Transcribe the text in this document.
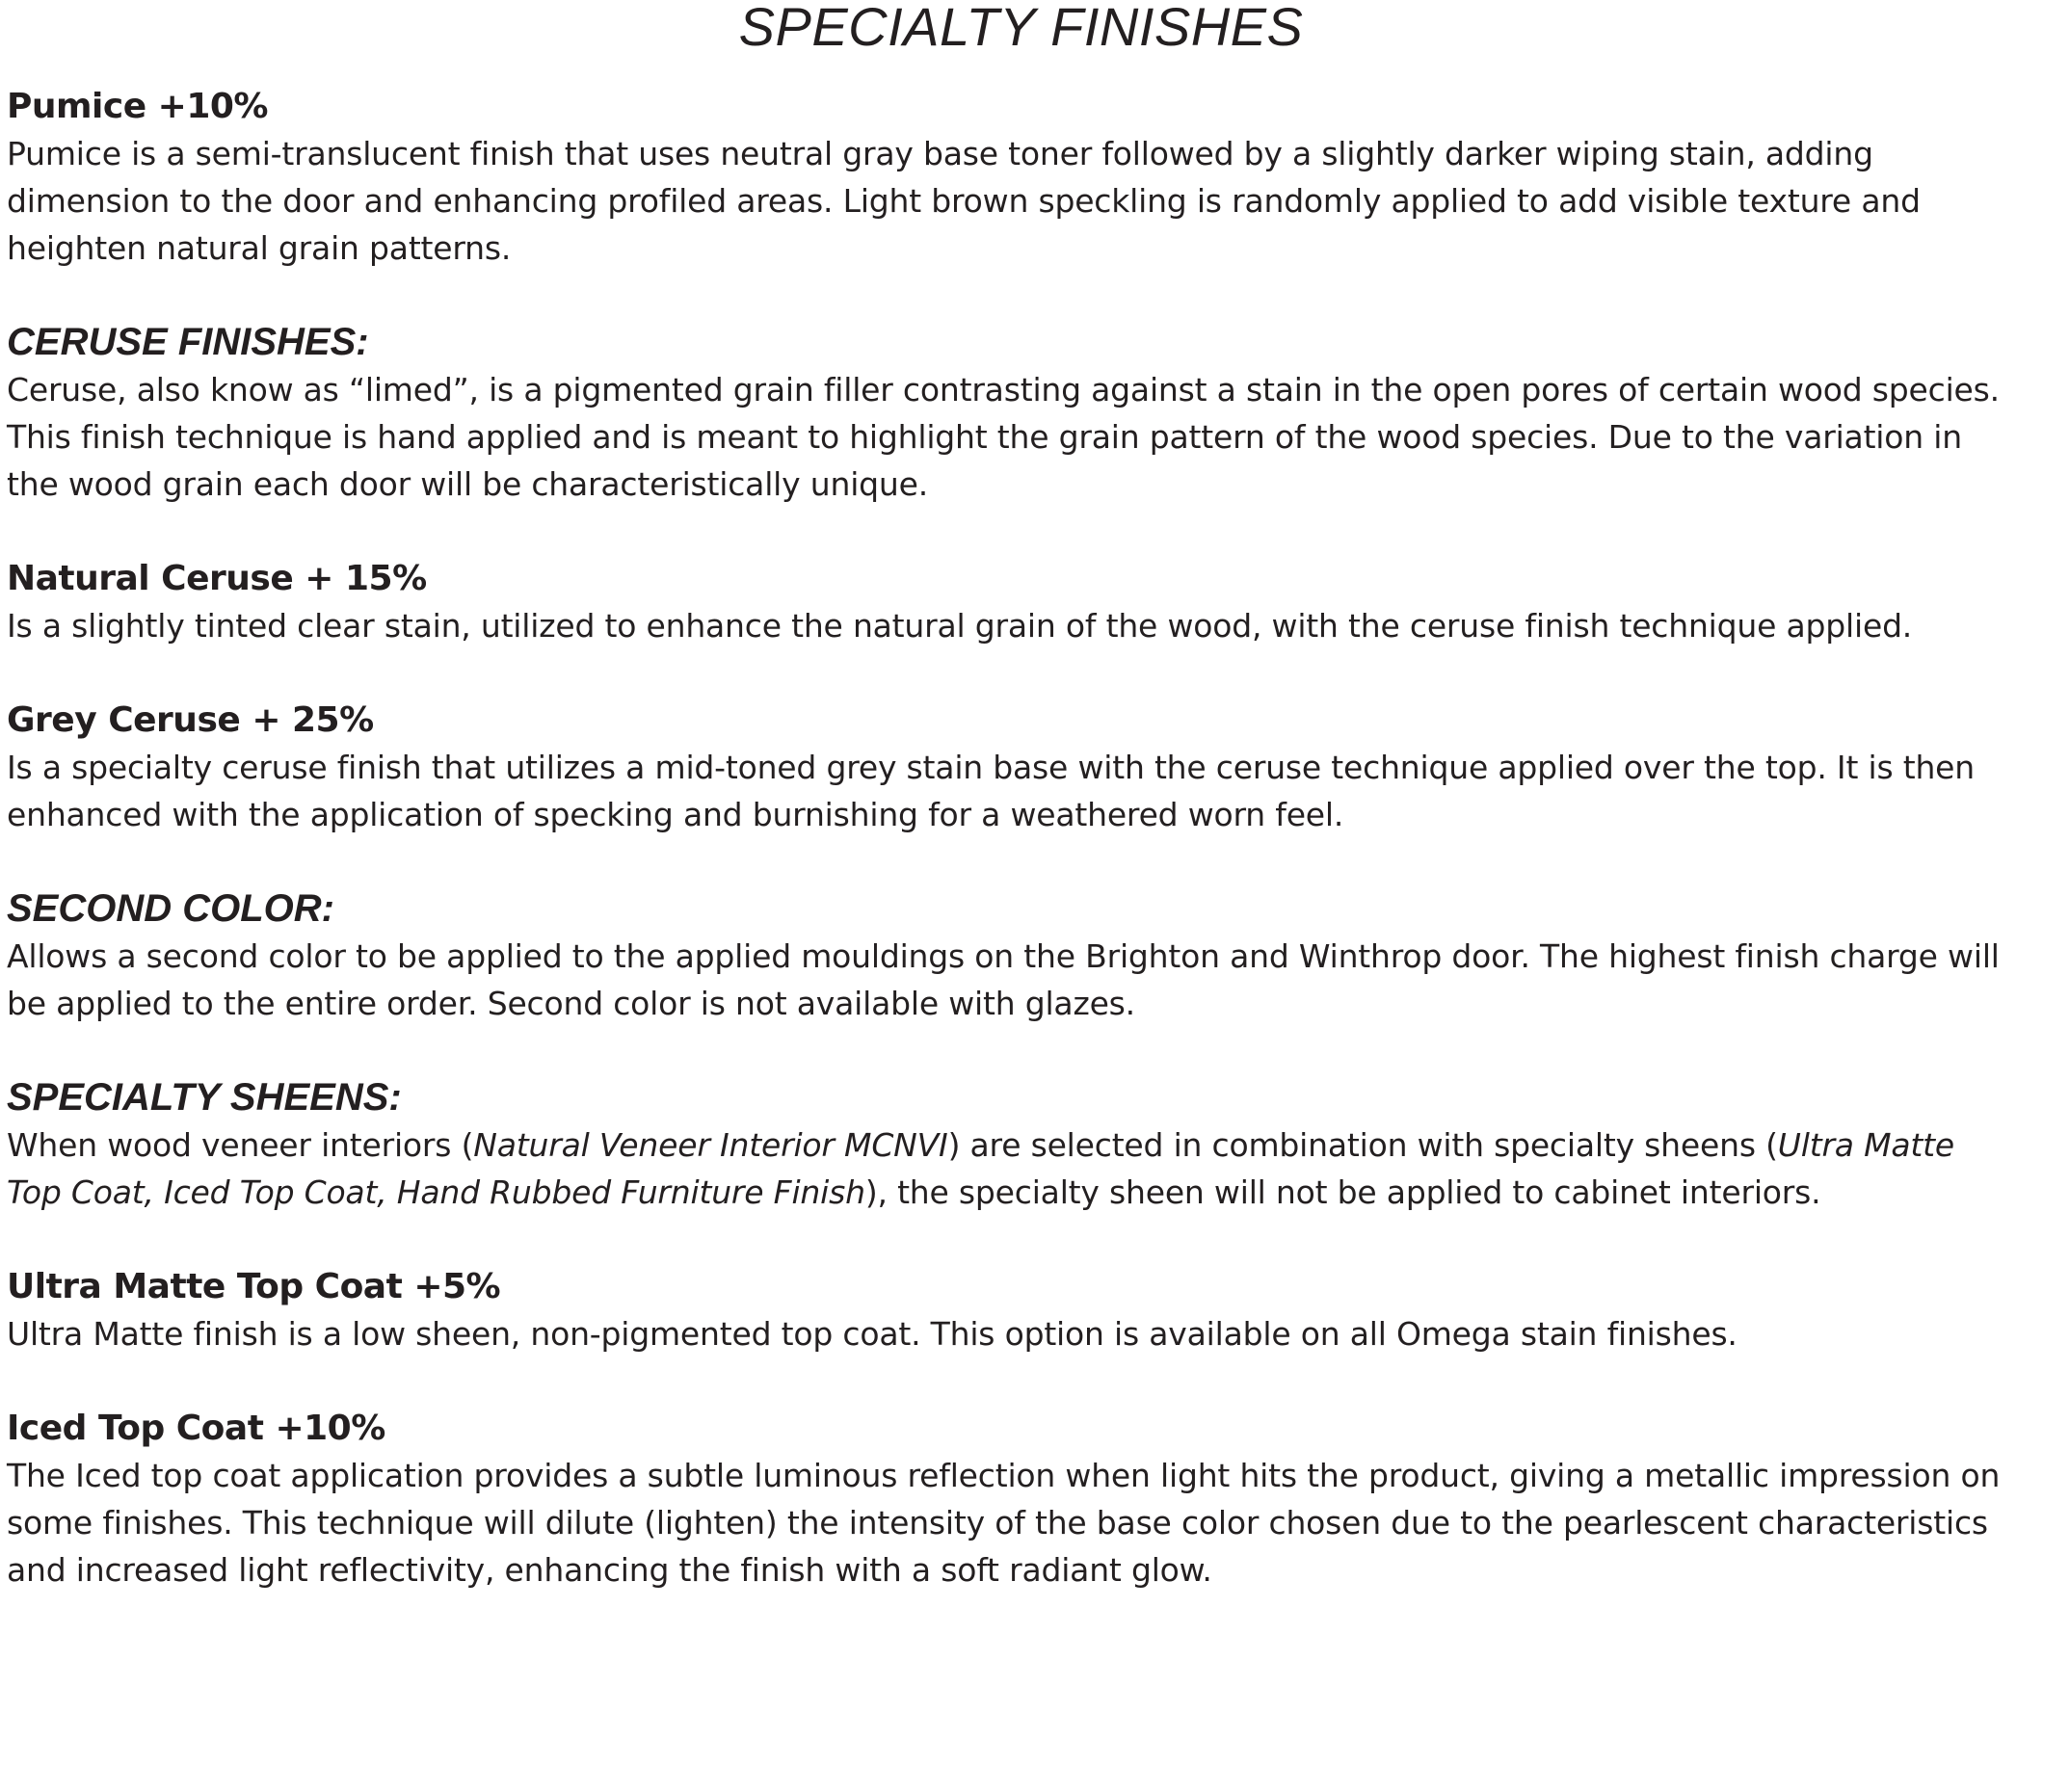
SPECIALTY FINISHES

Pumice +10%

Pumice is a semi-translucent finish that uses neutral gray base toner followed by a slightly darker wiping stain, adding dimension to the door and enhancing profiled areas. Light brown speckling is randomly applied to add visible texture and heighten natural grain patterns.

CERUSE FINISHES:

Ceruse, also know as “limed”, is a pigmented grain filler contrasting against a stain in the open pores of certain wood species. This finish technique is hand applied and is meant to highlight the grain pattern of the wood species. Due to the variation in the wood grain each door will be characteristically unique.

Natural Ceruse + 15%

Is a slightly tinted clear stain, utilized to enhance the natural grain of the wood, with the ceruse finish technique applied.

Grey Ceruse + 25%

Is a specialty ceruse finish that utilizes a mid-toned grey stain base with the ceruse technique applied over the top. It is then enhanced with the application of specking and burnishing for a weathered worn feel.

SECOND COLOR:

Allows a second color to be applied to the applied mouldings on the Brighton and Winthrop door. The highest finish charge will be applied to the entire order. Second color is not available with glazes.

SPECIALTY SHEENS:

When wood veneer interiors (Natural Veneer Interior MCNVI) are selected in combination with specialty sheens (Ultra Matte Top Coat, Iced Top Coat, Hand Rubbed Furniture Finish), the specialty sheen will not be applied to cabinet interiors.

Ultra Matte Top Coat +5%

Ultra Matte finish is a low sheen, non-pigmented top coat. This option is available on all Omega stain finishes.

Iced Top Coat +10%

The Iced top coat application provides a subtle luminous reflection when light hits the product, giving a metallic impression on some finishes. This technique will dilute (lighten) the intensity of the base color chosen due to the pearlescent characteristics and increased light reflectivity, enhancing the finish with a soft radiant glow.
